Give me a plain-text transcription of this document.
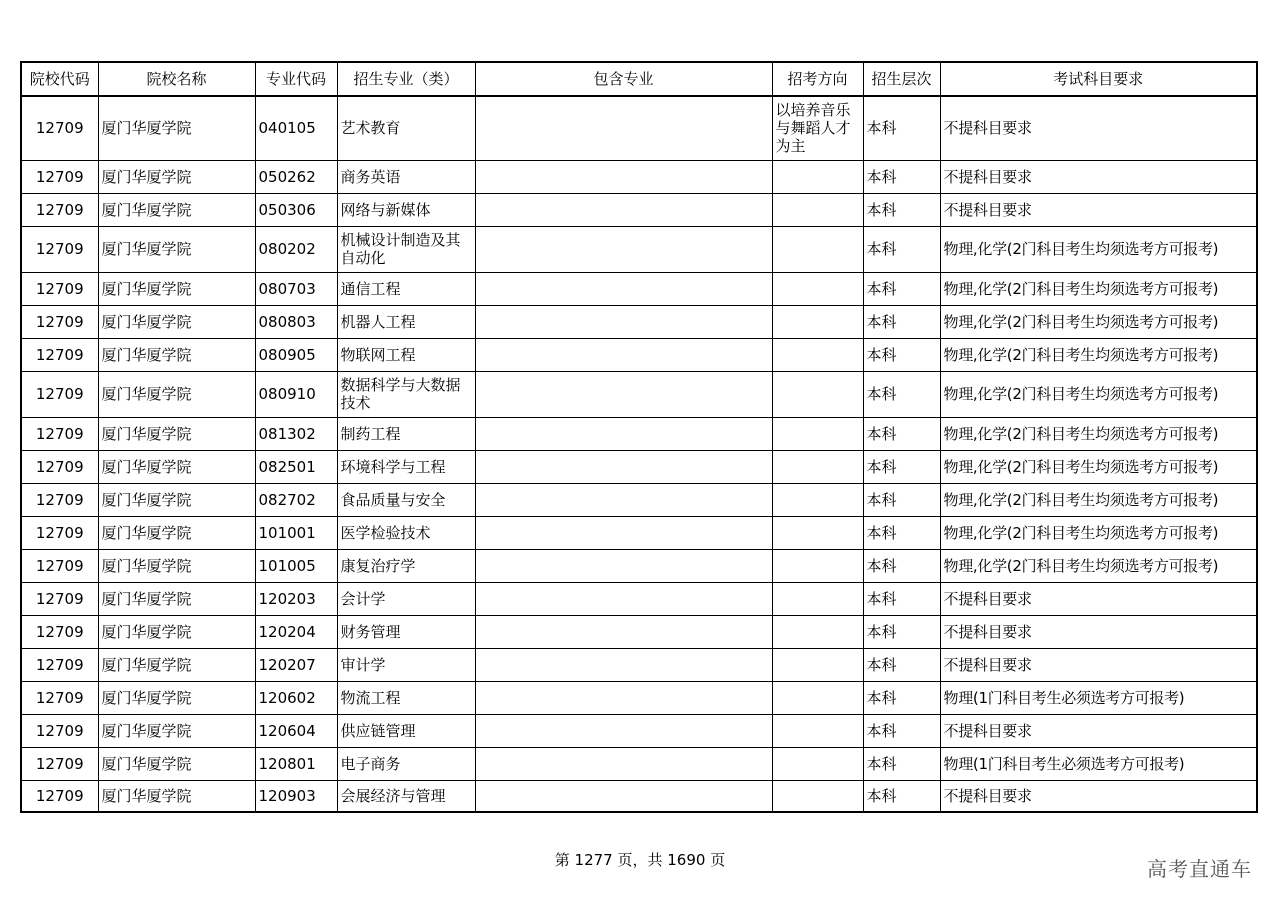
院校代码	院校名称	专业代码	招生专业（类）	包含专业	招考方向	招生层次	考试科目要求
12709	厦门华厦学院	040105	艺术教育		以培养音乐与舞蹈人才为主	本科	不提科目要求
12709	厦门华厦学院	050262	商务英语			本科	不提科目要求
12709	厦门华厦学院	050306	网络与新媒体			本科	不提科目要求
12709	厦门华厦学院	080202	机械设计制造及其自动化			本科	物理,化学(2门科目考生均须选考方可报考)
12709	厦门华厦学院	080703	通信工程			本科	物理,化学(2门科目考生均须选考方可报考)
12709	厦门华厦学院	080803	机器人工程			本科	物理,化学(2门科目考生均须选考方可报考)
12709	厦门华厦学院	080905	物联网工程			本科	物理,化学(2门科目考生均须选考方可报考)
12709	厦门华厦学院	080910	数据科学与大数据技术			本科	物理,化学(2门科目考生均须选考方可报考)
12709	厦门华厦学院	081302	制药工程			本科	物理,化学(2门科目考生均须选考方可报考)
12709	厦门华厦学院	082501	环境科学与工程			本科	物理,化学(2门科目考生均须选考方可报考)
12709	厦门华厦学院	082702	食品质量与安全			本科	物理,化学(2门科目考生均须选考方可报考)
12709	厦门华厦学院	101001	医学检验技术			本科	物理,化学(2门科目考生均须选考方可报考)
12709	厦门华厦学院	101005	康复治疗学			本科	物理,化学(2门科目考生均须选考方可报考)
12709	厦门华厦学院	120203	会计学			本科	不提科目要求
12709	厦门华厦学院	120204	财务管理			本科	不提科目要求
12709	厦门华厦学院	120207	审计学			本科	不提科目要求
12709	厦门华厦学院	120602	物流工程			本科	物理(1门科目考生必须选考方可报考)
12709	厦门华厦学院	120604	供应链管理			本科	不提科目要求
12709	厦门华厦学院	120801	电子商务			本科	物理(1门科目考生必须选考方可报考)
12709	厦门华厦学院	120903	会展经济与管理			本科	不提科目要求
第 1277 页，共 1690 页	高考直通车
